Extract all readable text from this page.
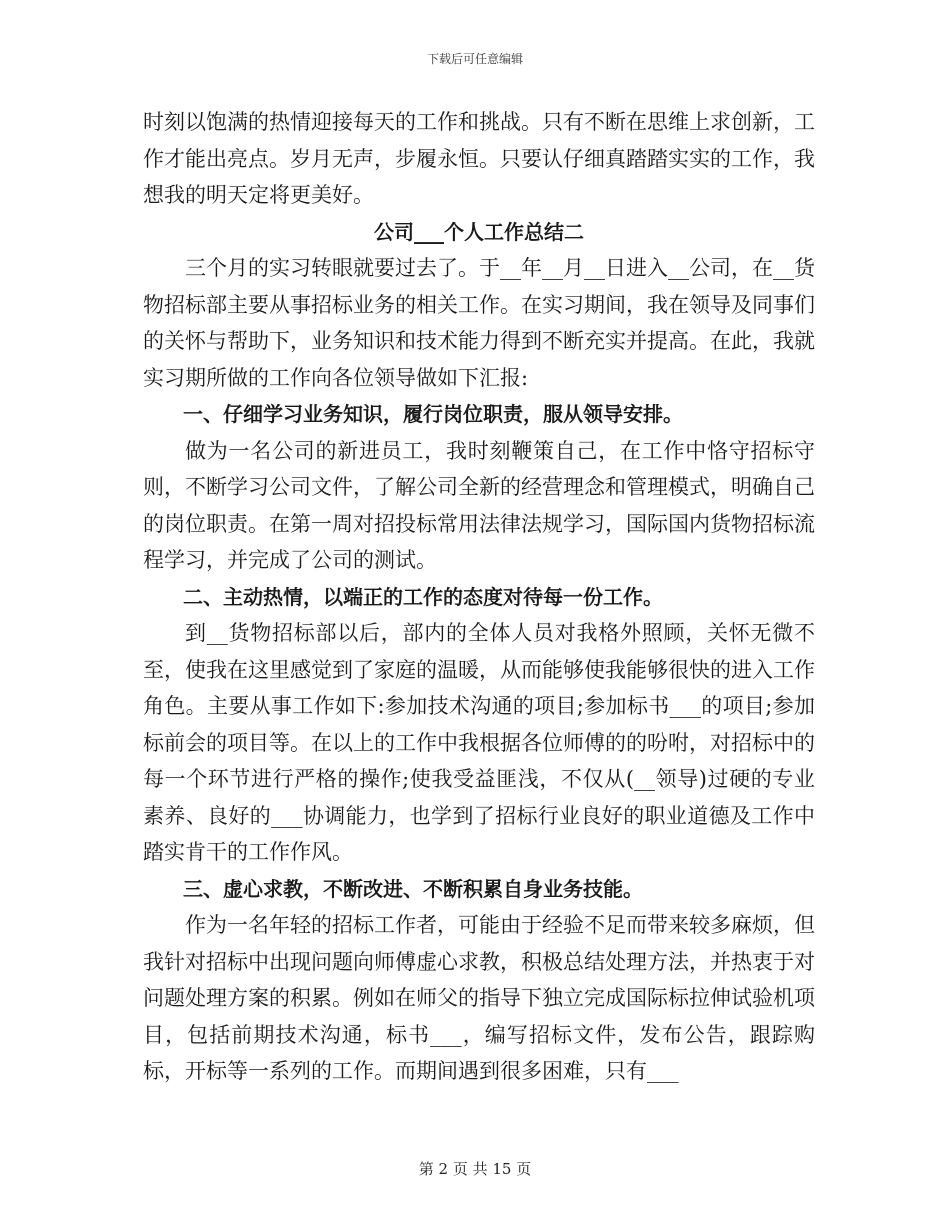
下载后可任意编辑

时刻以饱满的热情迎接每天的工作和挑战。只有不断在思维上求创新，工作才能出亮点。岁月无声，步履永恒。只要认仔细真踏踏实实的工作，我想我的明天定将更美好。

公司___个人工作总结二

三个月的实习转眼就要过去了。于__年__月__日进入__公司，在__货物招标部主要从事招标业务的相关工作。在实习期间，我在领导及同事们的关怀与帮助下，业务知识和技术能力得到不断充实并提高。在此，我就实习期所做的工作向各位领导做如下汇报:

一、仔细学习业务知识，履行岗位职责，服从领导安排。

做为一名公司的新进员工，我时刻鞭策自己，在工作中恪守招标守则，不断学习公司文件，了解公司全新的经营理念和管理模式，明确自己的岗位职责。在第一周对招投标常用法律法规学习，国际国内货物招标流程学习，并完成了公司的测试。

二、主动热情，以端正的工作的态度对待每一份工作。

到__货物招标部以后，部内的全体人员对我格外照顾，关怀无微不至，使我在这里感觉到了家庭的温暖，从而能够使我能够很快的进入工作角色。主要从事工作如下:参加技术沟通的项目;参加标书___的项目;参加标前会的项目等。在以上的工作中我根据各位师傅的的吩咐，对招标中的每一个环节进行严格的操作;使我受益匪浅，不仅从(__领导)过硬的专业素养、良好的___协调能力，也学到了招标行业良好的职业道德及工作中踏实肯干的工作作风。

三、虚心求教，不断改进、不断积累自身业务技能。

作为一名年轻的招标工作者，可能由于经验不足而带来较多麻烦，但我针对招标中出现问题向师傅虚心求教，积极总结处理方法，并热衷于对问题处理方案的积累。例如在师父的指导下独立完成国际标拉伸试验机项目，包括前期技术沟通，标书___，编写招标文件，发布公告，跟踪购标，开标等一系列的工作。而期间遇到很多困难，只有___

第 2 页 共 15 页
